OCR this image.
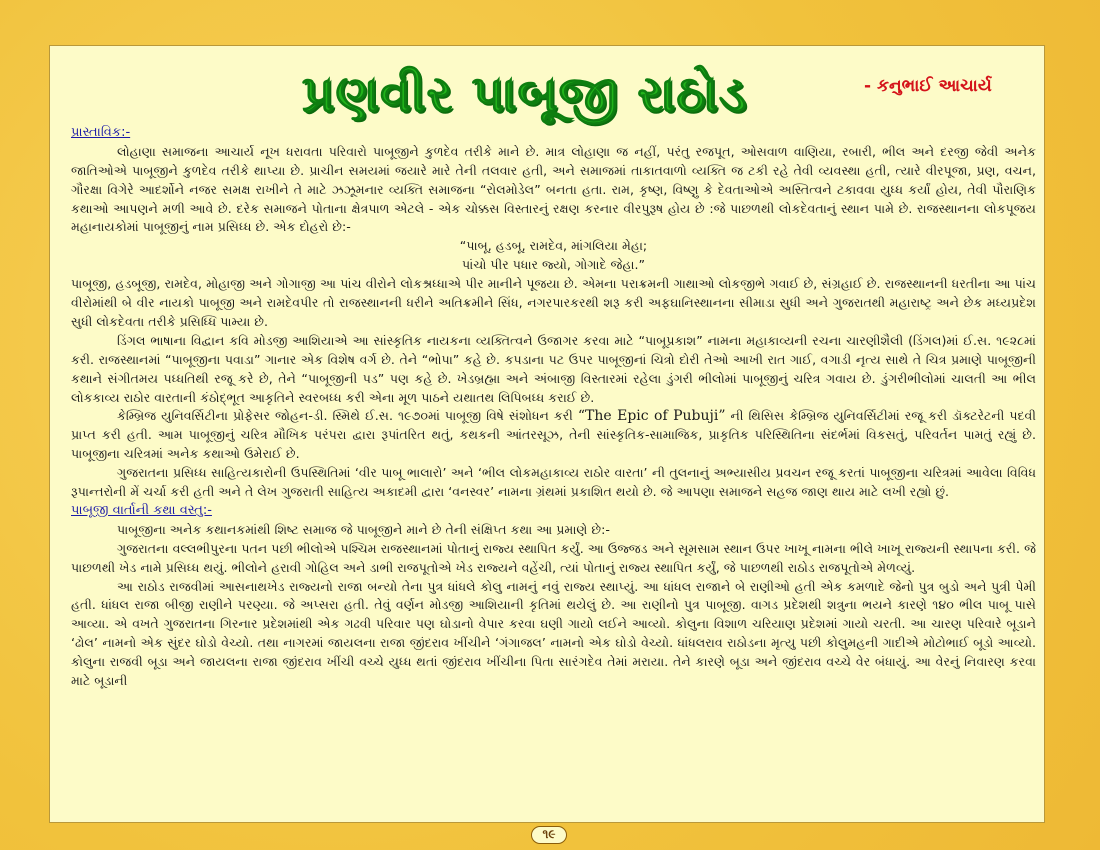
પ્રણવીર પાબૂજી રાઠોડ	- કનુભાઈ આચાર્ય

પ્રાસ્તાવિક:-

લોહાણા સમાજના આચાર્ય નૂખ ધરાવતા પરિવારો પાબૂજીને કુળદેવ તરીકે માને છે. માત્ર લોહાણા જ નહીં, પરંતુ રજપૂત, ઓસવાળ વાણિયા, રબારી, ભીલ અને દરજી જેવી અનેક જાતિઓએ પાબૂજીને કુળદેવ તરીકે થાપ્યા છે. પ્રાચીન સમયમાં જયારે મારે તેની તલવાર હતી, અને સમાજમાં તાકાતવાળો વ્યક્તિ જ ટકી રહે તેવી વ્યવસ્થા હતી, ત્યારે વીરપૂજા, પ્રણ, વચન, ગૌરક્ષા વિગેરે આદર્શોને નજર સમક્ષ રાખીને તે માટે ઝઝૂમનાર વ્યક્તિ સમાજના “રોલમોડેલ” બનતા હતા. રામ, કૃષ્ણ, વિષ્ણુ કે દેવતાઓએ અસ્તિત્વને ટકાવવા યુધ્ધ કર્યાં હોય, તેવી પૌરાણિક કથાઓ આપણને મળી આવે છે. દરેક સમાજને પોતાના ક્ષેત્રપાળ એટલે - એક ચોક્કસ વિસ્તારનું રક્ષણ કરનાર વીરપુરૂષ હોય છે :જે પાછળથી લોકદેવતાનું સ્થાન પામે છે. રાજસ્થાનના લોકપૂજય મહાનાયકોમાં પાબૂજીનું નામ પ્રસિધ્ધ છે. એક દોહરો છે:-

“પાબૂ, હડબૂ, રામદેવ, માંગલિયા મેહા;

પાંચો પીર પધાર જ્યો, ગોગાદે જેહા.”

પાબૂજી, હડબૂજી, રામદેવ, મોહાજી અને ગોગાજી આ પાંચ વીરોને લોકશ્રધ્ધાએ પીર માનીને પૂજયા છે. એમના પરાક્રમની ગાથાઓ લોકજીભે ગવાઈ છે, સંગ્રહાઈ છે. રાજસ્થાનની ધરતીના આ પાંચ વીરોમાંથી બે વીર નાયકો પાબૂજી અને રામદેવપીર તો રાજસ્થાનની ધરીને અતિક્રમીને સિંધ, નગરપારકરથી શરૂ કરી અફઘાનિસ્થાનના સીમાડા સુધી અને ગુજરાતથી મહારાષ્ટ્ર અને છેક મધ્યપ્રદેશ સુધી લોકદેવતા તરીકે પ્રસિધ્ધિ પામ્યા છે.

ડિંગલ ભાષાના વિદ્વાન કવિ મોડજી આશિયાએ આ સાંસ્કૃતિક નાયકના વ્યક્તિત્વને ઉજાગર કરવા માટે “પાબૂપ્રકાશ” નામના મહાકાવ્યની રચના ચારણીશૈલી (ડિંગલ)માં ઈ.સ. ૧૯૨૮માં કરી. રાજસ્થાનમાં “પાબૂજીના પવાડા” ગાનાર એક વિશેષ વર્ગ છે. તેને “ભોપા” કહે છે. કપડાના પટ ઉપર પાબૂજીનાં ચિત્રો દોરી તેઓ આખી રાત ગાઈ, વગાડી નૃત્ય સાથે તે ચિત્ર પ્રમાણે પાબૂજીની કથાને સંગીતમય પધ્ધતિથી રજૂ કરે છે, તેને “પાબૂજીની પડ” પણ કહે છે. ખેડબ્રહ્મા અને અંબાજી વિસ્તારમાં રહેલા ડુંગરી ભીલોમાં પાબૂજીનું ચરિત્ર ગવાય છે. ડુંગરીભીલોમાં ચાલતી આ ભીલ લોકકાવ્ય રાઠોર વારતાની કંઠોદ્ભૂત આકૃતિને સ્વરબધ્ધ કરી એના મૂળ પાઠને યથાતથ લિપિબધ્ધ કરાઈ છે.

કેમ્બ્રિજ યુનિવર્સિટીના પ્રોફેસર જોહન-ડી. સ્મિથે ઈ.સ. ૧૯૭૦માં પાબૂજી વિષે સંશોધન કરી “The Epic of Pubuji” ની થિસિસ કેમ્બ્રિજ યુનિવર્સિટીમાં રજૂ કરી ડૉક્ટરેટની પદવી પ્રાપ્ત કરી હતી. આમ પાબૂજીનું ચરિત્ર મૌખિક પરંપરા દ્વારા રૂપાંતરિત થતું, કથકની આંતરસૂઝ, તેની સાંસ્કૃતિક-સામાજિક, પ્રાકૃતિક પરિસ્થિતિના સંદર્ભમાં વિકસતું, પરિવર્તન પામતું રહ્યું છે. પાબૂજીના ચરિત્રમાં અનેક કથાઓ ઉમેરાઈ છે.

ગુજરાતના પ્રસિધ્ધ સાહિત્યકારોની ઉપસ્થિતિમાં ‘વીર પાબૂ ભાલારો’ અને ‘ભીલ લોકમહાકાવ્ય રાઠોર વારતા’ ની તુલનાનું અભ્યાસીય પ્રવચન રજૂ કરતાં પાબૂજીના ચરિત્રમાં આવેલા વિવિધ રૂપાન્તરોની મેં ચર્ચા કરી હતી અને તે લેખ ગુજરાતી સાહિત્ય અકાદમી દ્વારા ‘વનસ્વર’ નામના ગ્રંથમાં પ્રકાશિત થયો છે. જે આપણા સમાજને સહજ જાણ થાય માટે લખી રહ્યો છું.

પાબૂજી વાર્તાની કથા વસ્તુ:-

પાબૂજીના અનેક કથાનકમાંથી શિષ્ટ સમાજ જે પાબૂજીને માને છે તેની સંક્ષિપ્ત કથા આ પ્રમાણે છે:-

ગુજરાતના વલ્લભીપુરના પતન પછી ભીલોએ પશ્ચિમ રાજસ્થાનમાં પોતાનું રાજ્ય સ્થાપિત કર્યું. આ ઉજ્જડ અને સૂમસામ સ્થાન ઉપર ખાખૂ નામના ભીલે ખાખૂ રાજ્યની સ્થાપના કરી. જે પાછળથી ખેડ નામે પ્રસિધ્ધ થયું. ભીલોને હરાવી ગોહિલ અને ડાભી રાજપૂતોએ ખેડ રાજ્યને વહેંચી, ત્યાં પોતાનું રાજ્ય સ્થાપિત કર્યું, જે પાછળથી રાઠોડ રાજપૂતોએ મેળવ્યું.

આ રાઠોડ રાજવીમાં આસનાથખેડ રાજ્યનો રાજા બન્યો તેના પુત્ર ધાંધલે કોલુ નામનું નવું રાજ્ય સ્થાપ્યું. આ ધાંધલ રાજાને બે રાણીઓ હતી એક કમળાદે જેનો પુત્ર બુડો અને પુત્રી પેમી હતી. ધાંધલ રાજા બીજી રાણીને પરણ્યા. જે અપ્સરા હતી. તેવું વર્ણન મોડજી આશિયાની કૃતિમાં થયેલું છે. આ રાણીનો પુત્ર પાબૂજી. વાગડ પ્રદેશથી શત્રુના ભયને કારણે ૧૪૦ ભીલ પાબૂ પાસે આવ્યા. એ વખતે ગુજરાતના ગિરનાર પ્રદેશમાંથી એક ગઢવી પરિવાર પણ ઘોડાનો વેપાર કરવા ઘણી ગાયો લઈને આવ્યો. કોલુના વિશાળ ચરિયાણ પ્રદેશમાં ગાયો ચરતી. આ ચારણ પરિવારે બૂડાને ‘ઢોલ’ નામનો એક સુંદર ઘોડો વેચ્યો. તથા નાગરમાં જાયલના રાજા જીંદરાવ ખીંચીને ‘ગંગાજલ’ નામનો એક ઘોડો વેચ્યો. ધાંધલરાવ રાઠોડના મૃત્યુ પછી કોલુમહની ગાદીએ મોટોભાઈ બૂડો આવ્યો. કોલુના રાજવી બૂડા અને જાયલના રાજા જીંદરાવ ખીંચી વચ્ચે યુધ્ધ થતાં જીંદરાવ ખીંચીના પિતા સારંગદેવ તેમાં મરાયા. તેને કારણે બૂડા અને જીંદરાવ વચ્ચે વેર બંધાયું. આ વેરનું નિવારણ કરવા માટે બૂડાની

૧૯
